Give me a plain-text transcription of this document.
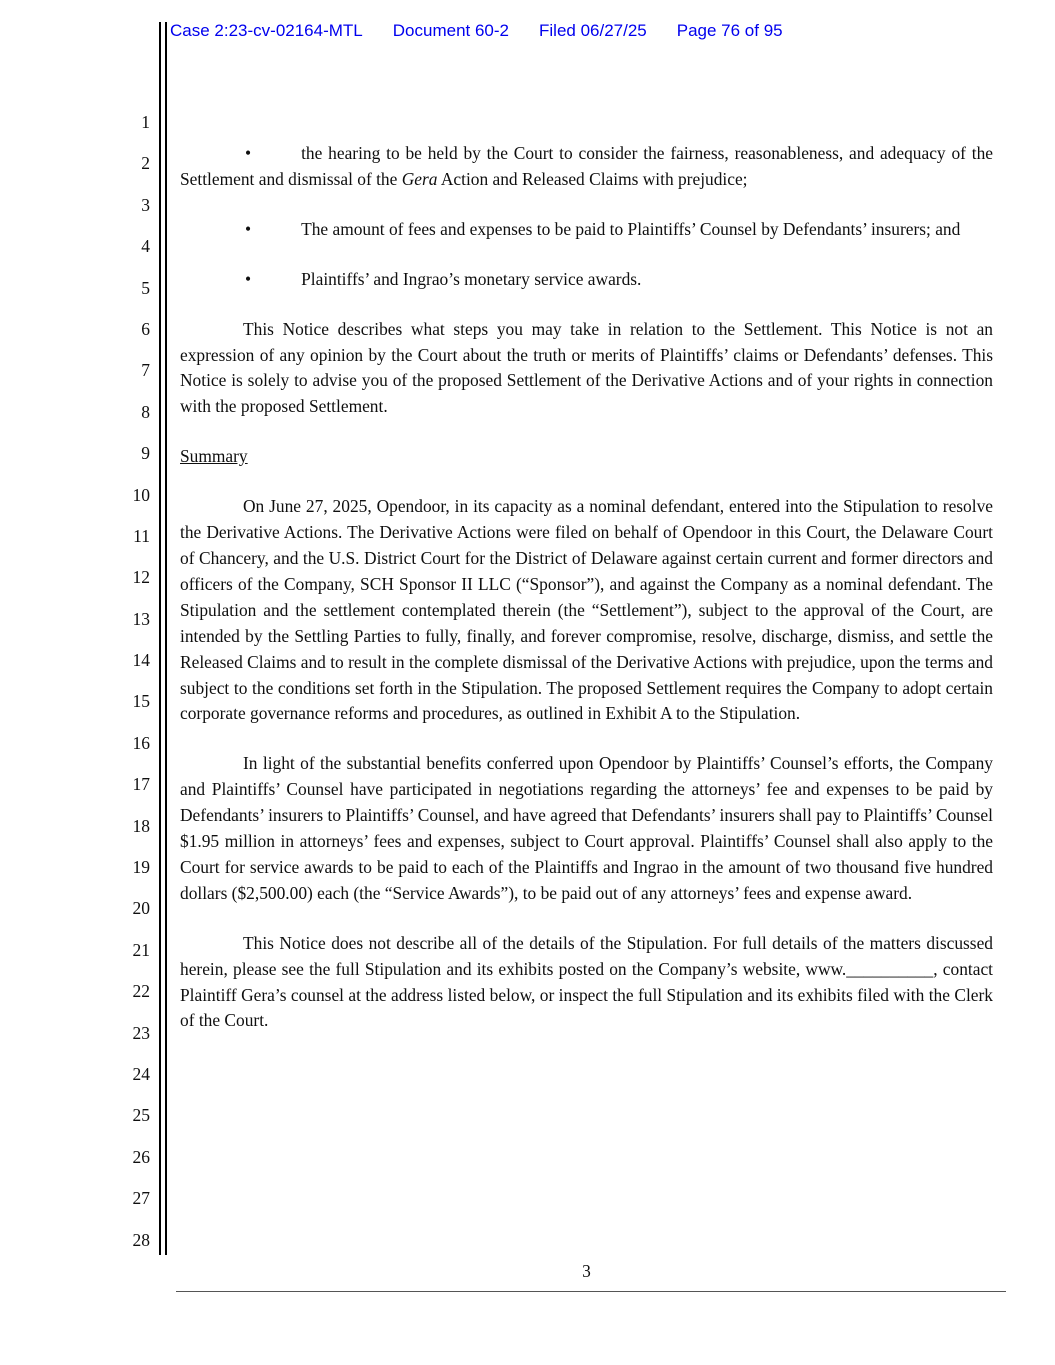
Case 2:23-cv-02164-MTL Document 60-2 Filed 06/27/25 Page 76 of 95
1
2
3
4
5
6
7
8
9
10
11
12
13
14
15
16
17
18
19
20
21
22
23
24
25
26
27
28

•	the hearing to be held by the Court to consider the fairness, reasonableness, and adequacy of the Settlement and dismissal of the Gera Action and Released Claims with prejudice;

•	The amount of fees and expenses to be paid to Plaintiffs’ Counsel by Defendants’ insurers; and

•	Plaintiffs’ and Ingrao’s monetary service awards.

This Notice describes what steps you may take in relation to the Settlement. This Notice is not an expression of any opinion by the Court about the truth or merits of Plaintiffs’ claims or Defendants’ defenses. This Notice is solely to advise you of the proposed Settlement of the Derivative Actions and of your rights in connection with the proposed Settlement.

Summary

On June 27, 2025, Opendoor, in its capacity as a nominal defendant, entered into the Stipulation to resolve the Derivative Actions. The Derivative Actions were filed on behalf of Opendoor in this Court, the Delaware Court of Chancery, and the U.S. District Court for the District of Delaware against certain current and former directors and officers of the Company, SCH Sponsor II LLC (“Sponsor”), and against the Company as a nominal defendant. The Stipulation and the settlement contemplated therein (the “Settlement”), subject to the approval of the Court, are intended by the Settling Parties to fully, finally, and forever compromise, resolve, discharge, dismiss, and settle the Released Claims and to result in the complete dismissal of the Derivative Actions with prejudice, upon the terms and subject to the conditions set forth in the Stipulation. The proposed Settlement requires the Company to adopt certain corporate governance reforms and procedures, as outlined in Exhibit A to the Stipulation.

In light of the substantial benefits conferred upon Opendoor by Plaintiffs’ Counsel’s efforts, the Company and Plaintiffs’ Counsel have participated in negotiations regarding the attorneys’ fee and expenses to be paid by Defendants’ insurers to Plaintiffs’ Counsel, and have agreed that Defendants’ insurers shall pay to Plaintiffs’ Counsel $1.95 million in attorneys’ fees and expenses, subject to Court approval. Plaintiffs’ Counsel shall also apply to the Court for service awards to be paid to each of the Plaintiffs and Ingrao in the amount of two thousand five hundred dollars ($2,500.00) each (the “Service Awards”), to be paid out of any attorneys’ fees and expense award.

This Notice does not describe all of the details of the Stipulation. For full details of the matters discussed herein, please see the full Stipulation and its exhibits posted on the Company’s website, www.__________, contact Plaintiff Gera’s counsel at the address listed below, or inspect the full Stipulation and its exhibits filed with the Clerk of the Court.

3
